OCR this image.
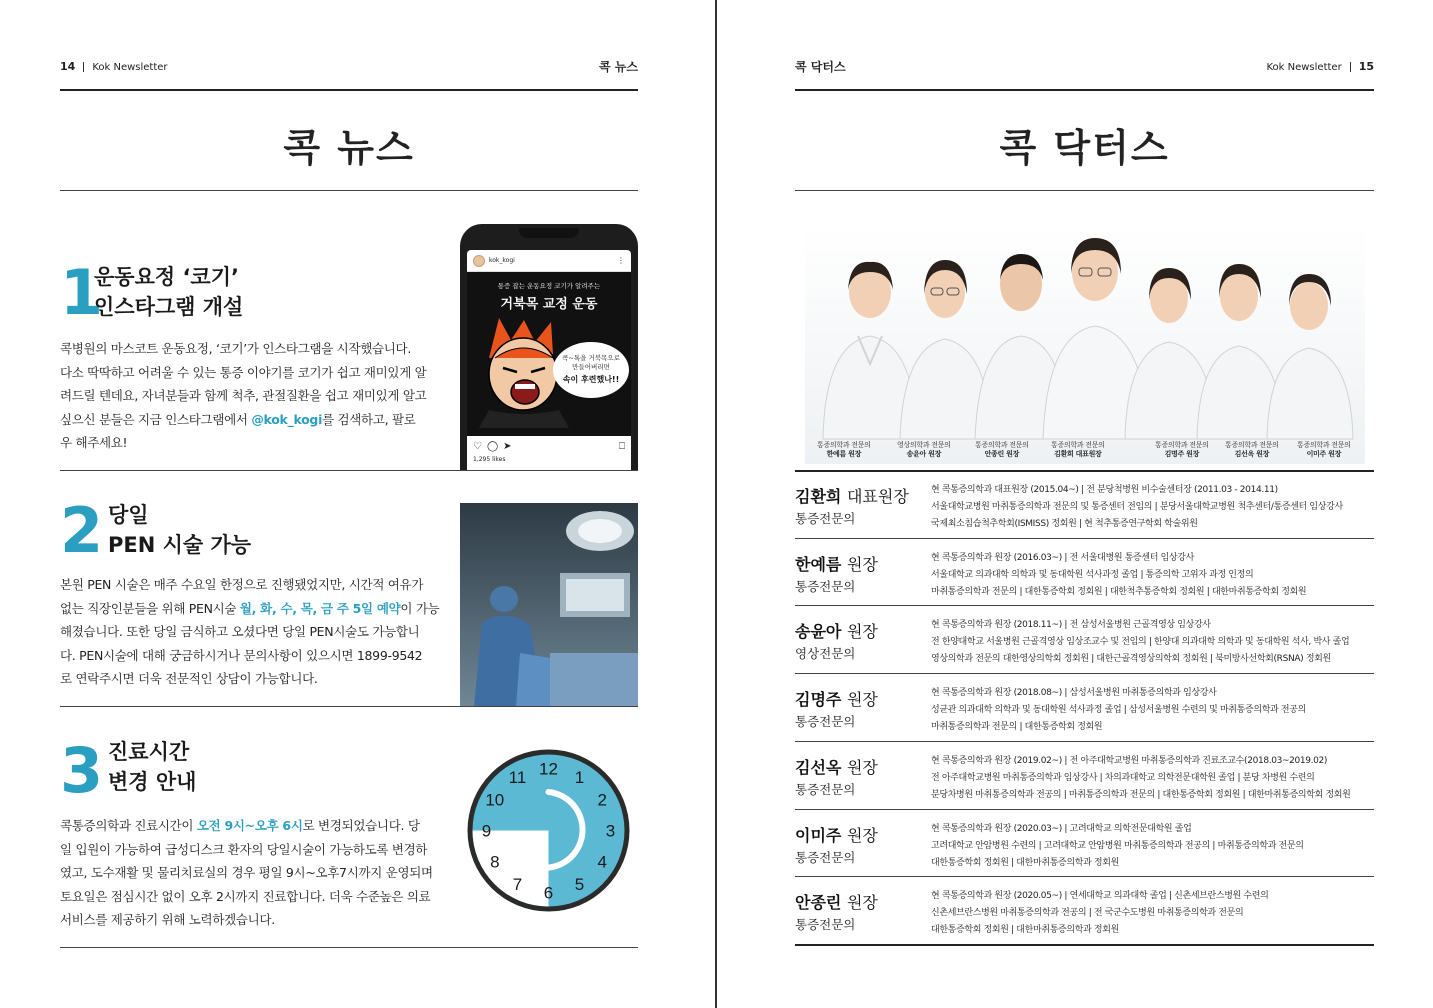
14 Kok Newsletter	콕 뉴스
콕 뉴스
1
운동요정 ‘코기’
인스타그램 개설
콕병원의 마스코트 운동요정, ‘코기’가 인스타그램을 시작했습니다.
다소 딱딱하고 어려울 수 있는 통증 이야기를 코기가 쉽고 재미있게 알
려드릴 텐데요, 자녀분들과 함께 척추, 관절질환을 쉽고 재미있게 알고
싶으신 분들은 지금 인스타그램에서 @kok_kogi를 검색하고, 팔로
우 해주세요!
kok_kogi	⋮
통증 잡는 운동요정 코기가 알려주는
거북목 교정 운동
콕~톡을 거북목으로
만들어버리면
속이 후련했나!!
♡ ◯ ➤	⎕
1,295 likes
2 당일
PEN 시술 가능
본원 PEN 시술은 매주 수요일 한정으로 진행됐었지만, 시간적 여유가
없는 직장인분들을 위해 PEN시술 월, 화, 수, 목, 금 주 5일 예약이 가능
해졌습니다. 또한 당일 금식하고 오셨다면 당일 PEN시술도 가능합니
다. PEN시술에 대해 궁금하시거나 문의사항이 있으시면 1899-9542
로 연락주시면 더욱 전문적인 상담이 가능합니다.
3 진료시간
변경 안내
콕통증의학과 진료시간이 오전 9시~오후 6시로 변경되었습니다. 당
일 입원이 가능하여 급성디스크 환자의 당일시술이 가능하도록 변경하
였고, 도수재활 및 물리치료실의 경우 평일 9시~오후7시까지 운영되며
토요일은 점심시간 없이 오후 2시까지 진료합니다. 더욱 수준높은 의료
서비스를 제공하기 위해 노력하겠습니다.
12 1
2
3
4
5
6
7
8
9
10
11
콕 닥터스	Kok Newsletter 15
콕 닥터스
통증의학과 전문의
한예름 원장
영상의학과 전문의
송윤아 원장
통증의학과 전문의
안종린 원장
통증의학과 전문의
김환희 대표원장
통증의학과 전문의
김명주 원장
통증의학과 전문의
김선옥 원장
통증의학과 전문의
이미주 원장
김환희 대표원장
통증전문의
현 콕통증의학과 대표원장 (2015.04~) | 전 분당척병원 비수술센터장 (2011.03 - 2014.11)
서울대학교병원 마취통증의학과 전문의 및 통증센터 전임의 | 분당서울대학교병원 척추센터/통증센터 임상강사
국제최소침습척추학회(ISMISS) 정회원 | 현 척추통증연구학회 학술위원
한예름 원장
통증전문의
현 콕통증의학과 원장 (2016.03~) | 전 서울대병원 통증센터 임상강사
서울대학교 의과대학 의학과 및 동대학원 석사과정 졸업 | 통증의학 고위자 과정 인정의
마취통증의학과 전문의 | 대한통증학회 정회원 | 대한척추통증학회 정회원 | 대한마취통증학회 정회원
송윤아 원장
영상전문의
현 콕통증의학과 원장 (2018.11~) | 전 삼성서울병원 근골격영상 임상강사
전 한양대학교 서울병원 근골격영상 임상조교수 및 전임의 | 한양대 의과대학 의학과 및 동대학원 석사, 박사 졸업
영상의학과 전문의 대한영상의학회 정회원 | 대한근골격영상의학회 정회원 | 북미방사선학회(RSNA) 정회원
김명주 원장
통증전문의
현 콕통증의학과 원장 (2018.08~) | 삼성서울병원 마취통증의학과 임상강사
성균관 의과대학 의학과 및 동대학원 석사과정 졸업 | 삼성서울병원 수련의 및 마취통증의학과 전공의
마취통증의학과 전문의 | 대한통증학회 정회원
김선옥 원장
통증전문의
현 콕통증의학과 원장 (2019.02~) | 전 아주대학교병원 마취통증의학과 진료조교수(2018.03~2019.02)
전 아주대학교병원 마취통증의학과 임상강사 | 차의과대학교 의학전문대학원 졸업 | 분당 차병원 수련의
분당차병원 마취통증의학과 전공의 | 마취통증의학과 전문의 | 대한통증학회 정회원 | 대한마취통증의학회 정회원
이미주 원장
통증전문의
현 콕통증의학과 원장 (2020.03~) | 고려대학교 의학전문대학원 졸업
고려대학교 안암병원 수련의 | 고려대학교 안암병원 마취통증의학과 전공의 | 마취통증의학과 전문의
대한통증학회 정회원 | 대한마취통증의학과 정회원
안종린 원장
통증전문의
현 콕통증의학과 원장 (2020.05~) | 연세대학교 의과대학 졸업 | 신촌세브란스병원 수련의
신촌세브란스병원 마취통증의학과 전공의 | 전 국군수도병원 마취통증의학과 전문의
대한통증학회 정회원 | 대한마취통증의학과 정회원
